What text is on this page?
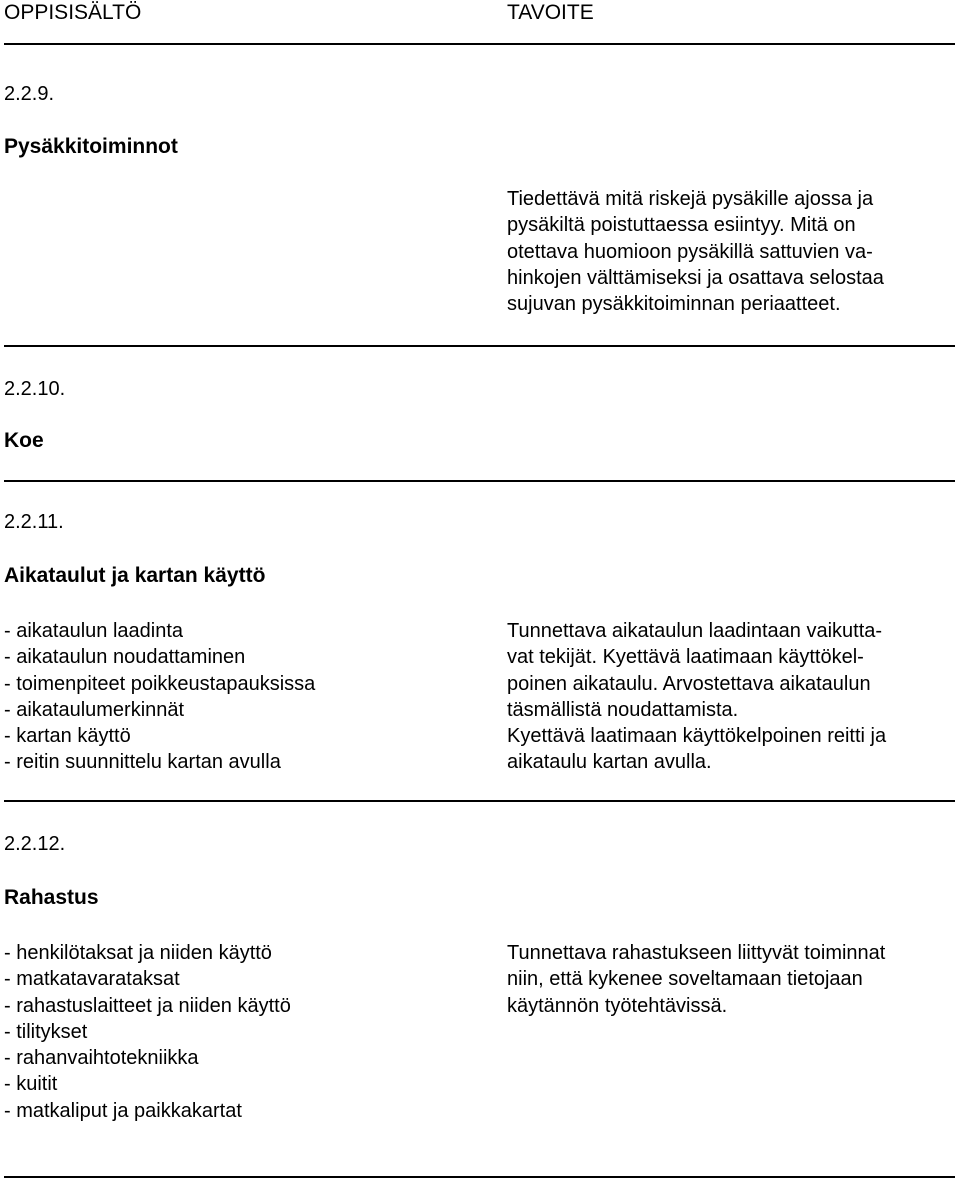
OPPISISÄLTÖ	TAVOITE
2.2.9.
Pysäkkitoiminnot
Tiedettävä mitä riskejä pysäkille ajossa ja
pysäkiltä poistuttaessa esiintyy. Mitä on
otettava huomioon pysäkillä sattuvien va-
hinkojen välttämiseksi ja osattava selostaa
sujuvan pysäkkitoiminnan periaatteet.
2.2.10.
Koe
2.2.11.
Aikataulut ja kartan käyttö
- aikataulun laadinta
- aikataulun noudattaminen
- toimenpiteet poikkeustapauksissa
- aikataulumerkinnät
- kartan käyttö
- reitin suunnittelu kartan avulla
Tunnettava aikataulun laadintaan vaikutta-
vat tekijät. Kyettävä laatimaan käyttökel-
poinen aikataulu. Arvostettava aikataulun
täsmällistä noudattamista.
Kyettävä laatimaan käyttökelpoinen reitti ja
aikataulu kartan avulla.
2.2.12.
Rahastus
- henkilötaksat ja niiden käyttö
- matkatavarataksat
- rahastuslaitteet ja niiden käyttö
- tilitykset
- rahanvaihtotekniikka
- kuitit
- matkaliput ja paikkakartat
Tunnettava rahastukseen liittyvät toiminnat
niin, että kykenee soveltamaan tietojaan
käytännön työtehtävissä.
